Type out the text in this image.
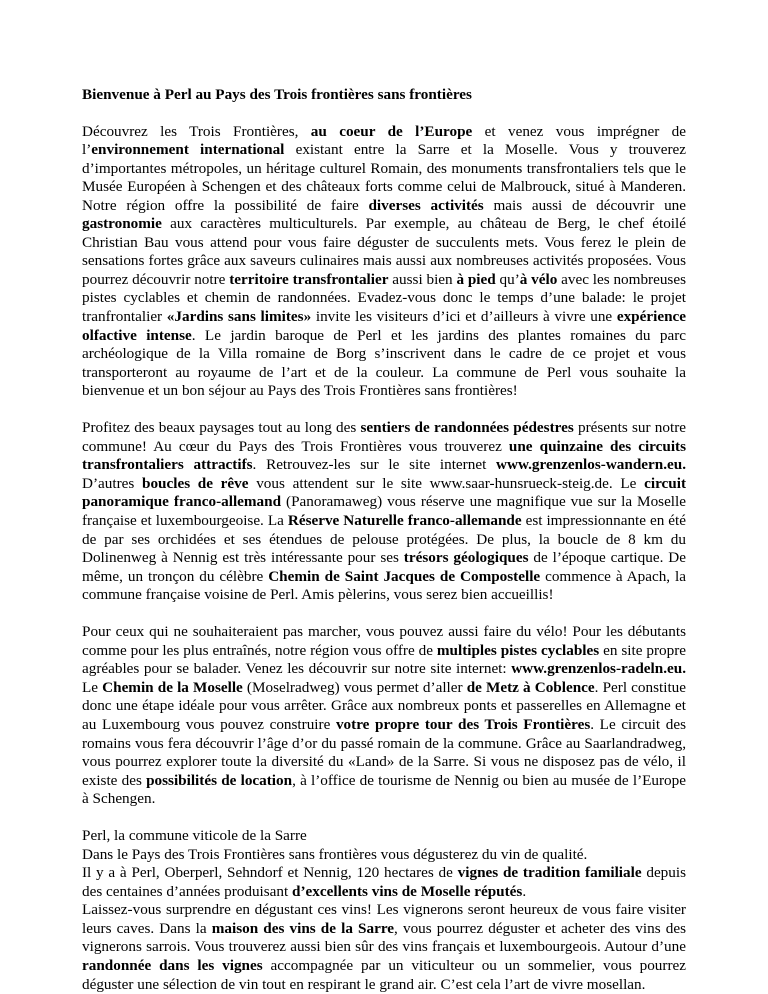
Bienvenue à Perl au Pays des Trois frontières sans frontières

Découvrez les Trois Frontières, au coeur de l’Europe et venez vous imprégner de l’environnement international existant entre la Sarre et la Moselle. Vous y trouverez d’importantes métropoles, un héritage culturel Romain, des monuments transfrontaliers tels que le Musée Européen à Schengen et des châteaux forts comme celui de Malbrouck, situé à Manderen. Notre région offre la possibilité de faire diverses activités mais aussi de découvrir une gastronomie aux caractères multiculturels. Par exemple, au château de Berg, le chef étoilé Christian Bau vous attend pour vous faire déguster de succulents mets. Vous ferez le plein de sensations fortes grâce aux saveurs culinaires mais aussi aux nombreuses activités proposées. Vous pourrez découvrir notre territoire transfrontalier aussi bien à pied qu’à vélo avec les nombreuses pistes cyclables et chemin de randonnées. Evadez-vous donc le temps d’une balade: le projet tranfrontalier «Jardins sans limites» invite les visiteurs d’ici et d’ailleurs à vivre une expérience olfactive intense. Le jardin baroque de Perl et les jardins des plantes romaines du parc archéologique de la Villa romaine de Borg s’inscrivent dans le cadre de ce projet et vous transporteront au royaume de l’art et de la couleur. La commune de Perl vous souhaite la bienvenue et un bon séjour au Pays des Trois Frontières sans frontières!

Profitez des beaux paysages tout au long des sentiers de randonnées pédestres présents sur notre commune! Au cœur du Pays des Trois Frontières vous trouverez une quinzaine des circuits transfrontaliers attractifs. Retrouvez-les sur le site internet www.grenzenlos-wandern.eu. D’autres boucles de rêve vous attendent sur le site www.saar-hunsrueck-steig.de. Le circuit panoramique franco-allemand (Panoramaweg) vous réserve une magnifique vue sur la Moselle française et luxembourgeoise. La Réserve Naturelle franco-allemande est impressionnante en été de par ses orchidées et ses étendues de pelouse protégées. De plus, la boucle de 8 km du Dolinenweg à Nennig est très intéressante pour ses trésors géologiques de l’époque cartique. De même, un tronçon du célèbre Chemin de Saint Jacques de Compostelle commence à Apach, la commune française voisine de Perl. Amis pèlerins, vous serez bien accueillis!

Pour ceux qui ne souhaiteraient pas marcher, vous pouvez aussi faire du vélo! Pour les débutants comme pour les plus entraînés, notre région vous offre de multiples pistes cyclables en site propre agréables pour se balader. Venez les découvrir sur notre site internet: www.grenzenlos-radeln.eu. Le Chemin de la Moselle (Moselradweg) vous permet d’aller de Metz à Coblence. Perl constitue donc une étape idéale pour vous arrêter. Grâce aux nombreux ponts et passerelles en Allemagne et au Luxembourg vous pouvez construire votre propre tour des Trois Frontières. Le circuit des romains vous fera découvrir l’âge d’or du passé romain de la commune. Grâce au Saarlandradweg, vous pourrez explorer toute la diversité du «Land» de la Sarre. Si vous ne disposez pas de vélo, il existe des possibilités de location, à l’office de tourisme de Nennig ou bien au musée de l’Europe à Schengen.

Perl, la commune viticole de la Sarre

Dans le Pays des Trois Frontières sans frontières vous dégusterez du vin de qualité.

Il y a à Perl, Oberperl, Sehndorf et Nennig, 120 hectares de vignes de tradition familiale depuis des centaines d’années produisant d’excellents vins de Moselle réputés.

Laissez-vous surprendre en dégustant ces vins! Les vignerons seront heureux de vous faire visiter leurs caves. Dans la maison des vins de la Sarre, vous pourrez déguster et acheter des vins des vignerons sarrois. Vous trouverez aussi bien sûr des vins français et luxembourgeois. Autour d’une randonnée dans les vignes accompagnée par un viticulteur ou un sommelier, vous pourrez déguster une sélection de vin tout en respirant le grand air. C’est cela l’art de vivre mosellan.
